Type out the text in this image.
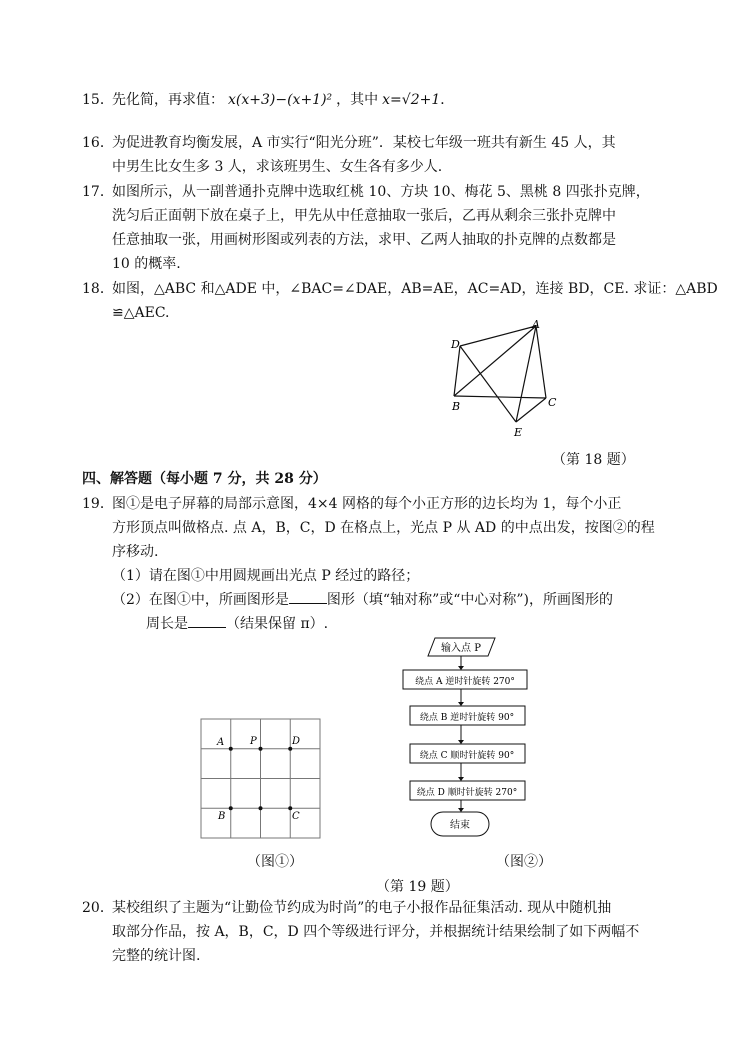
15．先化简，再求值： x(x+3)−(x+1)² ，其中 x=√2+1．
16．为促进教育均衡发展，A 市实行“阳光分班”．某校七年级一班共有新生 45 人，其
中男生比女生多 3 人，求该班男生、女生各有多少人.
17．如图所示，从一副普通扑克牌中选取红桃 10、方块 10、梅花 5、黑桃 8 四张扑克牌，
洗匀后正面朝下放在桌子上，甲先从中任意抽取一张后，乙再从剩余三张扑克牌中
任意抽取一张，用画树形图或列表的方法，求甲、乙两人抽取的扑克牌的点数都是
10 的概率.
18．如图，△ABC 和△ADE 中，∠BAC=∠DAE，AB=AE，AC=AD，连接 BD，CE. 求证：△ABD
≌△AEC.
A
D
B	C
E
（第 18 题）
四、解答题（每小题 7 分，共 28 分）
19．图①是电子屏幕的局部示意图，4×4 网格的每个小正方形的边长均为 1，每个小正
方形顶点叫做格点. 点 A，B，C，D 在格点上，光点 P 从 AD 的中点出发，按图②的程
序移动.
（1）请在图①中用圆规画出光点 P 经过的路径；
（2）在图①中，所画图形是	图形（填“轴对称”或“中心对称”)，所画图形的
周长是	（结果保留 π）.
A	P	D
B	C
输入点 P
绕点 A 逆时针旋转 270°
绕点 B 逆时针旋转 90°
绕点 C 顺时针旋转 90°
绕点 D 顺时针旋转 270°
结束
（图①）	（图②）
（第 19 题）
20．某校组织了主题为“让勤俭节约成为时尚”的电子小报作品征集活动. 现从中随机抽
取部分作品，按 A，B，C，D 四个等级进行评分，并根据统计结果绘制了如下两幅不
完整的统计图.
